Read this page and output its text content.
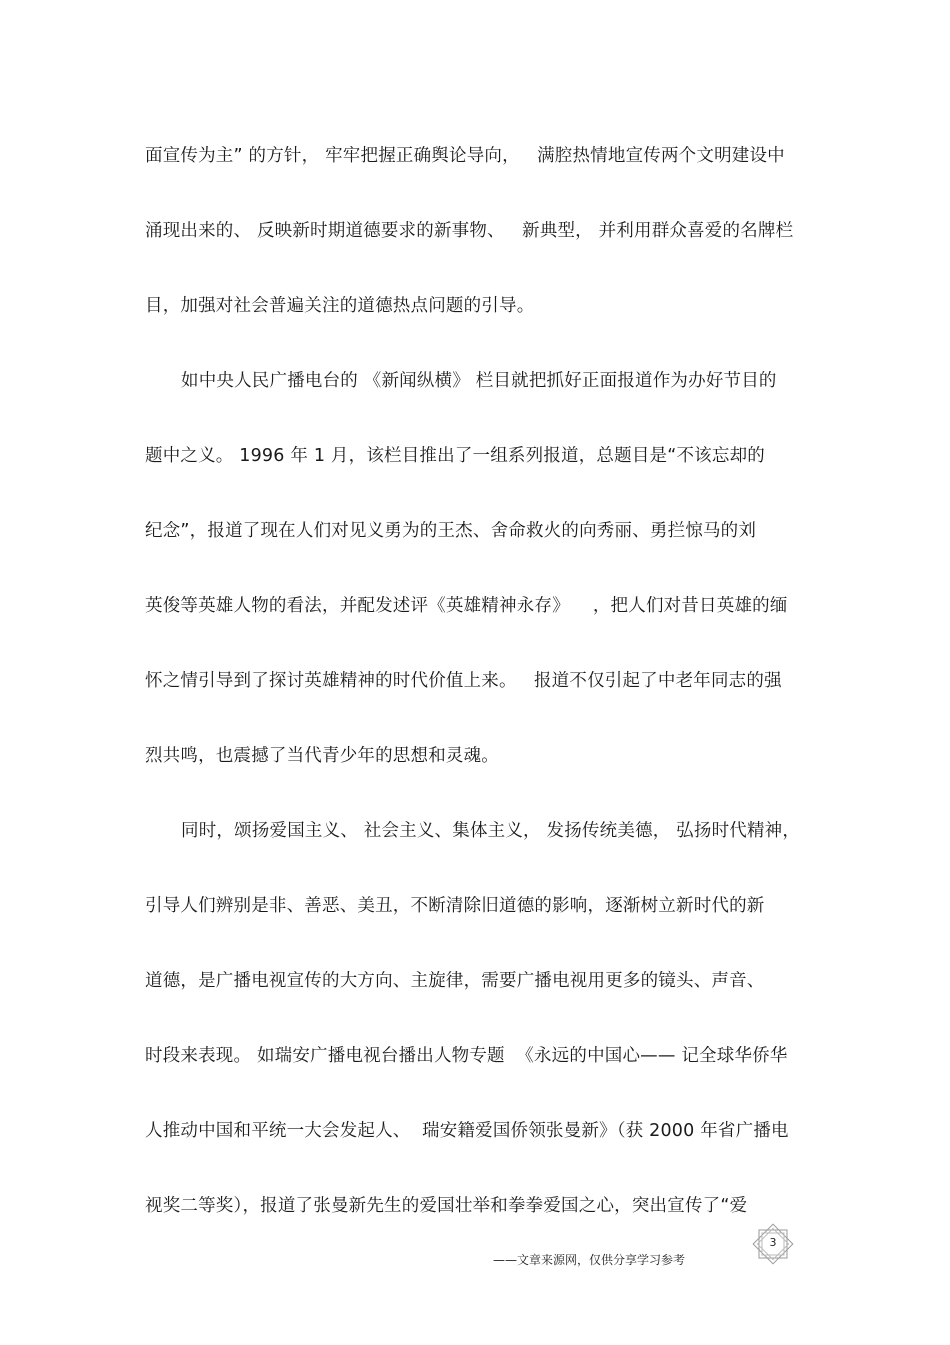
面宣传为主” 的方针， 牢牢把握正确舆论导向，   满腔热情地宣传两个文明建设中
涌现出来的、 反映新时期道德要求的新事物、   新典型， 并利用群众喜爱的名牌栏
目，加强对社会普遍关注的道德热点问题的引导。
如中央人民广播电台的 《新闻纵横》 栏目就把抓好正面报道作为办好节目的
题中之义。 1996 年 1 月，该栏目推出了一组系列报道，总题目是“不该忘却的
纪念”，报道了现在人们对见义勇为的王杰、舍命救火的向秀丽、勇拦惊马的刘
英俊等英雄人物的看法，并配发述评《英雄精神永存》    ，把人们对昔日英雄的缅
怀之情引导到了探讨英雄精神的时代价值上来。   报道不仅引起了中老年同志的强
烈共鸣，也震撼了当代青少年的思想和灵魂。
同时，颂扬爱国主义、 社会主义、集体主义， 发扬传统美德， 弘扬时代精神，
引导人们辨别是非、善恶、美丑，不断清除旧道德的影响，逐渐树立新时代的新
道德，是广播电视宣传的大方向、主旋律，需要广播电视用更多的镜头、声音、
时段来表现。 如瑞安广播电视台播出人物专题  《永远的中国心—— 记全球华侨华
人推动中国和平统一大会发起人、  瑞安籍爱国侨领张曼新》（获 2000 年省广播电
视奖二等奖），报道了张曼新先生的爱国壮举和拳拳爱国之心，突出宣传了“爱
——文章来源网，仅供分享学习参考
3
